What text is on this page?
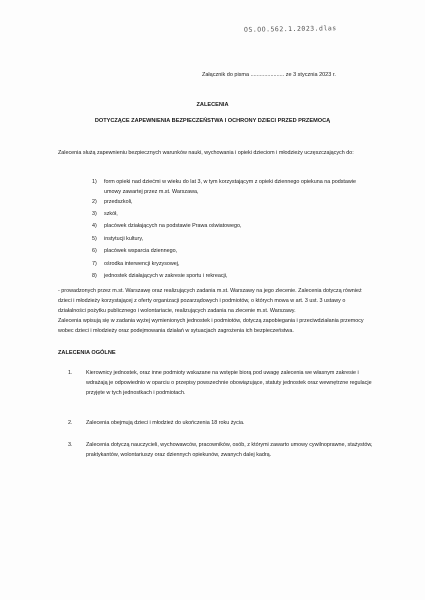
OS.OO.562.1.2023.dlas
Załącznik do pisma ...................... ze 3 stycznia 2023 r.
ZALECENIA
DOTYCZĄCE ZAPEWNIENIA BEZPIECZEŃSTWA I OCHRONY DZIECI PRZED PRZEMOCĄ
Zalecenia służą zapewnieniu bezpiecznych warunków nauki, wychowania i opieki dzieciom i młodzieży uczęszczających do:
1)	form opieki nad dziećmi w wieku do lat 3, w tym korzystającym z opieki dziennego opiekuna na podstawie umowy zawartej przez m.st. Warszawa,
2)	przedszkoli,
3)	szkół,
4)	placówek działających na podstawie Prawa oświatowego,
5)	instytucji kultury,
6)	placówek wsparcia dziennego,
7)	ośrodka interwencji kryzysowej,
8)	jednostek działających w zakresie sportu i rekreacji,
- prowadzonych przez m.st. Warszawę oraz realizujących zadania m.st. Warszawy na jego zlecenie. Zalecenia dotyczą również dzieci i młodzieży korzystającej z oferty organizacji pozarządowych i podmiotów, o których mowa w art. 3 ust. 3 ustawy o działalności pożytku publicznego i wolontariacie, realizujących zadania na zlecenie m.st. Warszawy.
Zalecenia wpisują się w zadania wyżej wymienionych jednostek i podmiotów, dotyczą zapobiegania i przeciwdziałania przemocy wobec dzieci i młodzieży oraz podejmowania działań w sytuacjach zagrożenia ich bezpieczeństwa.
ZALECENIA OGÓLNE
1.	Kierownicy jednostek, oraz inne podmioty wskazane na wstępie biorą pod uwagę zalecenia we własnym zakresie i wdrażają je odpowiednio w oparciu o przepisy powszechnie obowiązujące, statuty jednostek oraz wewnętrzne regulacje przyjęte w tych jednostkach i podmiotach.
2.	Zalecenia obejmują dzieci i młodzież do ukończenia 18 roku życia.
3.	Zalecenia dotyczą nauczycieli, wychowawców, pracowników, osób, z którymi zawarto umowy cywilnoprawne, stażystów, praktykantów, wolontariuszy oraz dziennych opiekunów, zwanych dalej kadrą.
